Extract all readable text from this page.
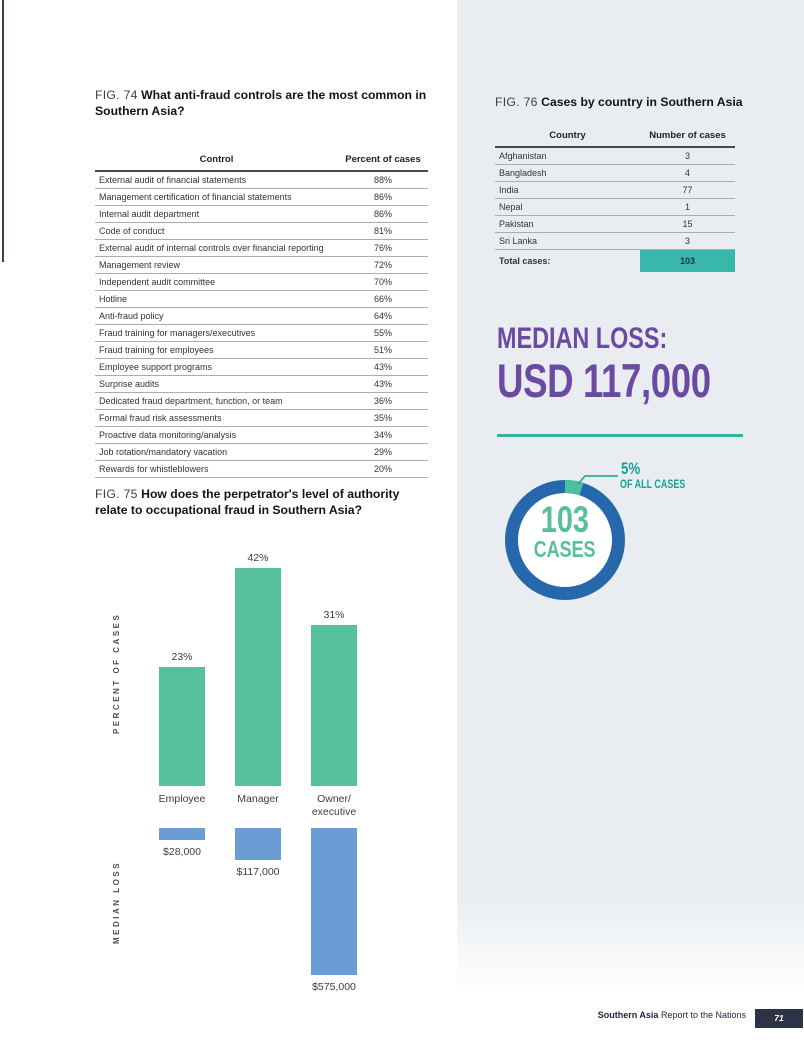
FIG. 74 What anti-fraud controls are the most common in Southern Asia?
Control	Percent of cases
External audit of financial statements	88%
Management certification of financial statements	86%
Internal audit department	86%
Code of conduct	81%
External audit of internal controls over financial reporting	76%
Management review	72%
Independent audit committee	70%
Hotline	66%
Anti-fraud policy	64%
Fraud training for managers/executives	55%
Fraud training for employees	51%
Employee support programs	43%
Surprise audits	43%
Dedicated fraud department, function, or team	36%
Formal fraud risk assessments	35%
Proactive data monitoring/analysis	34%
Job rotation/mandatory vacation	29%
Rewards for whistleblowers	20%
FIG. 75 How does the perpetrator's level of authority relate to occupational fraud in Southern Asia?
PERCENT OF CASES	23%
42%
31%
Employee	Manager	Owner/
executive
MEDIAN LOSS
$28,000
$117,000
$575,000
FIG. 76 Cases by country in Southern Asia
Country	Number of cases
Afghanistan	3
Bangladesh	4
India	77
Nepal	1
Pakistan	15
Sri Lanka	3
Total cases:	103
MEDIAN LOSS:
USD 117,000
103
CASES
5%
OF ALL CASES
Southern Asia Report to the Nations	71
